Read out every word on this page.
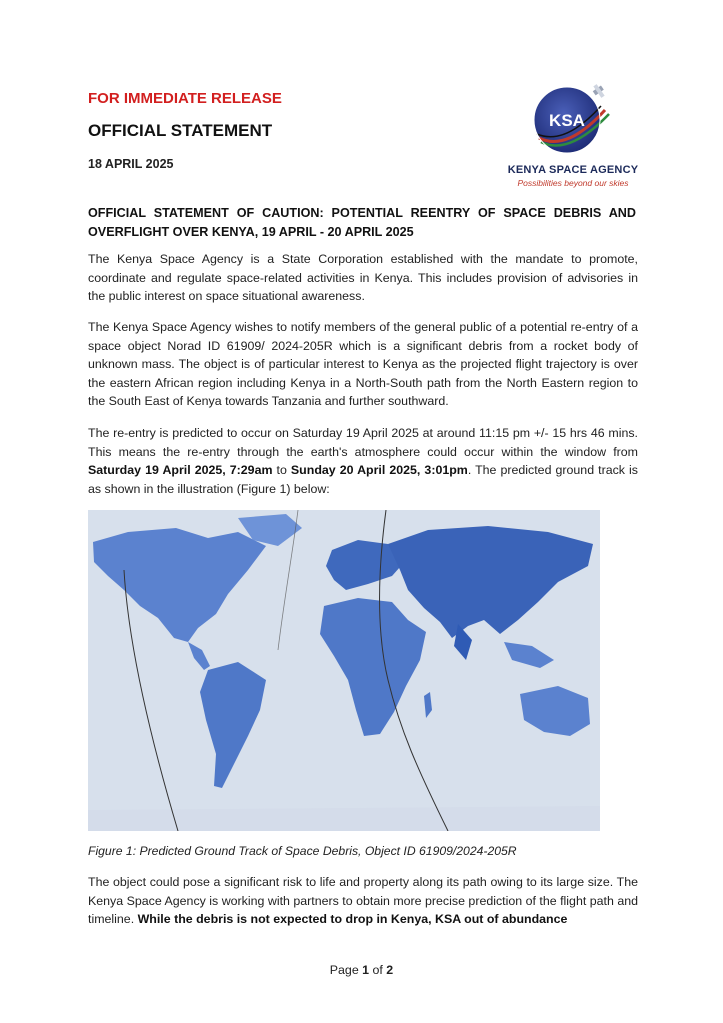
FOR IMMEDIATE RELEASE
OFFICIAL STATEMENT
18 APRIL 2025
KSA
KENYA SPACE AGENCY
Possibilities beyond our skies
OFFICIAL STATEMENT OF CAUTION: POTENTIAL REENTRY OF SPACE DEBRIS AND OVERFLIGHT OVER KENYA, 19 APRIL - 20 APRIL 2025
The Kenya Space Agency is a State Corporation established with the mandate to promote, coordinate and regulate space-related activities in Kenya. This includes provision of advisories in the public interest on space situational awareness.
The Kenya Space Agency wishes to notify members of the general public of a potential re-entry of a space object Norad ID 61909/ 2024-205R which is a significant debris from a rocket body of unknown mass. The object is of particular interest to Kenya as the projected flight trajectory is over the eastern African region including Kenya in a North-South path from the North Eastern region to the South East of Kenya towards Tanzania and further southward.
The re-entry is predicted to occur on Saturday 19 April 2025 at around 11:15 pm +/- 15 hrs 46 mins. This means the re-entry through the earth's atmosphere could occur within the window from Saturday 19 April 2025, 7:29am to Sunday 20 April 2025, 3:01pm. The predicted ground track is as shown in the illustration (Figure 1) below:
Figure 1: Predicted Ground Track of Space Debris, Object ID 61909/2024-205R
The object could pose a significant risk to life and property along its path owing to its large size. The Kenya Space Agency is working with partners to obtain more precise prediction of the flight path and timeline. While the debris is not expected to drop in Kenya, KSA out of abundance
Page 1 of 2
